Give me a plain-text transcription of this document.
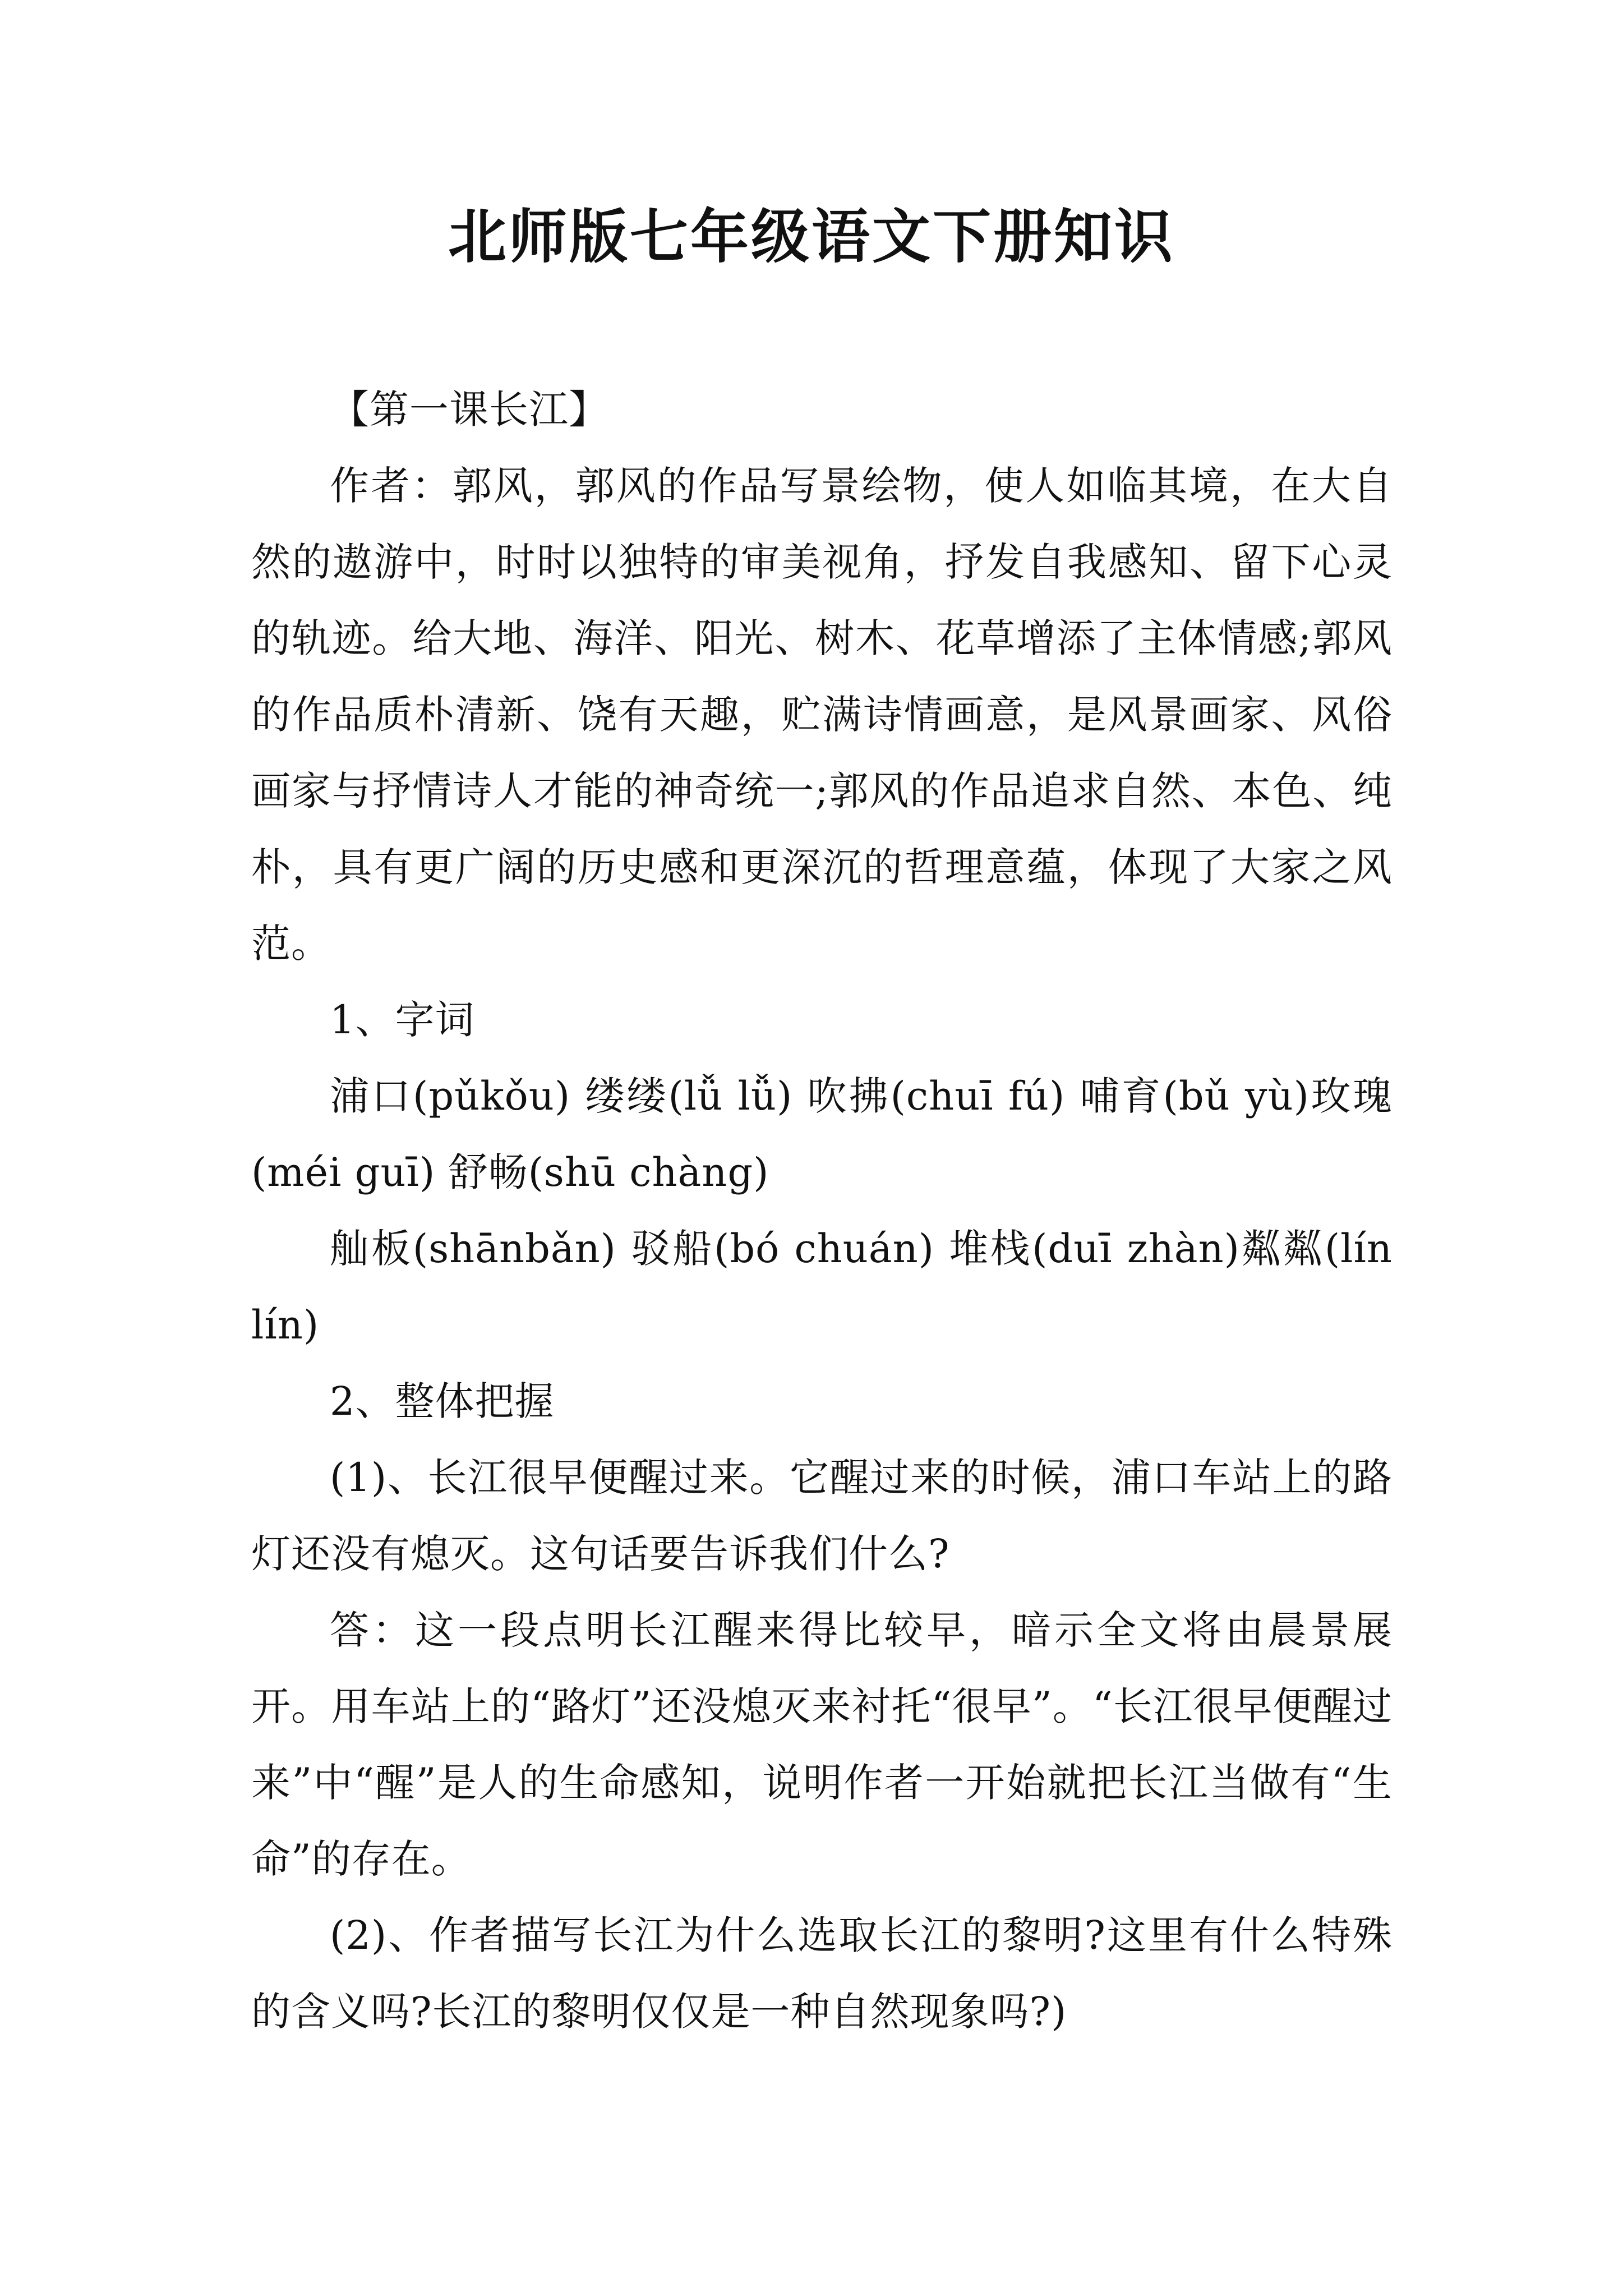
北师版七年级语文下册知识

【第一课长江】

作者：郭风，郭风的作品写景绘物，使人如临其境，在大自然的遨游中，时时以独特的审美视角，抒发自我感知、留下心灵的轨迹。给大地、海洋、阳光、树木、花草增添了主体情感;郭风的作品质朴清新、饶有天趣，贮满诗情画意，是风景画家、风俗画家与抒情诗人才能的神奇统一;郭风的作品追求自然、本色、纯朴，具有更广阔的历史感和更深沉的哲理意蕴，体现了大家之风范。

1、字词

浦口(pǔkǒu) 缕缕(lǚ lǚ) 吹拂(chuī fú) 哺育(bǔ yù)玫瑰(méi guī) 舒畅(shū chàng)

舢板(shānbǎn) 驳船(bó chuán) 堆栈(duī zhàn)粼粼(lín lín)

2、整体把握

(1)、长江很早便醒过来。它醒过来的时候，浦口车站上的路灯还没有熄灭。这句话要告诉我们什么?

答：这一段点明长江醒来得比较早，暗示全文将由晨景展开。用车站上的“路灯”还没熄灭来衬托“很早”。“长江很早便醒过来”中“醒”是人的生命感知，说明作者一开始就把长江当做有“生命”的存在。

(2)、作者描写长江为什么选取长江的黎明?这里有什么特殊的含义吗?长江的黎明仅仅是一种自然现象吗?)
